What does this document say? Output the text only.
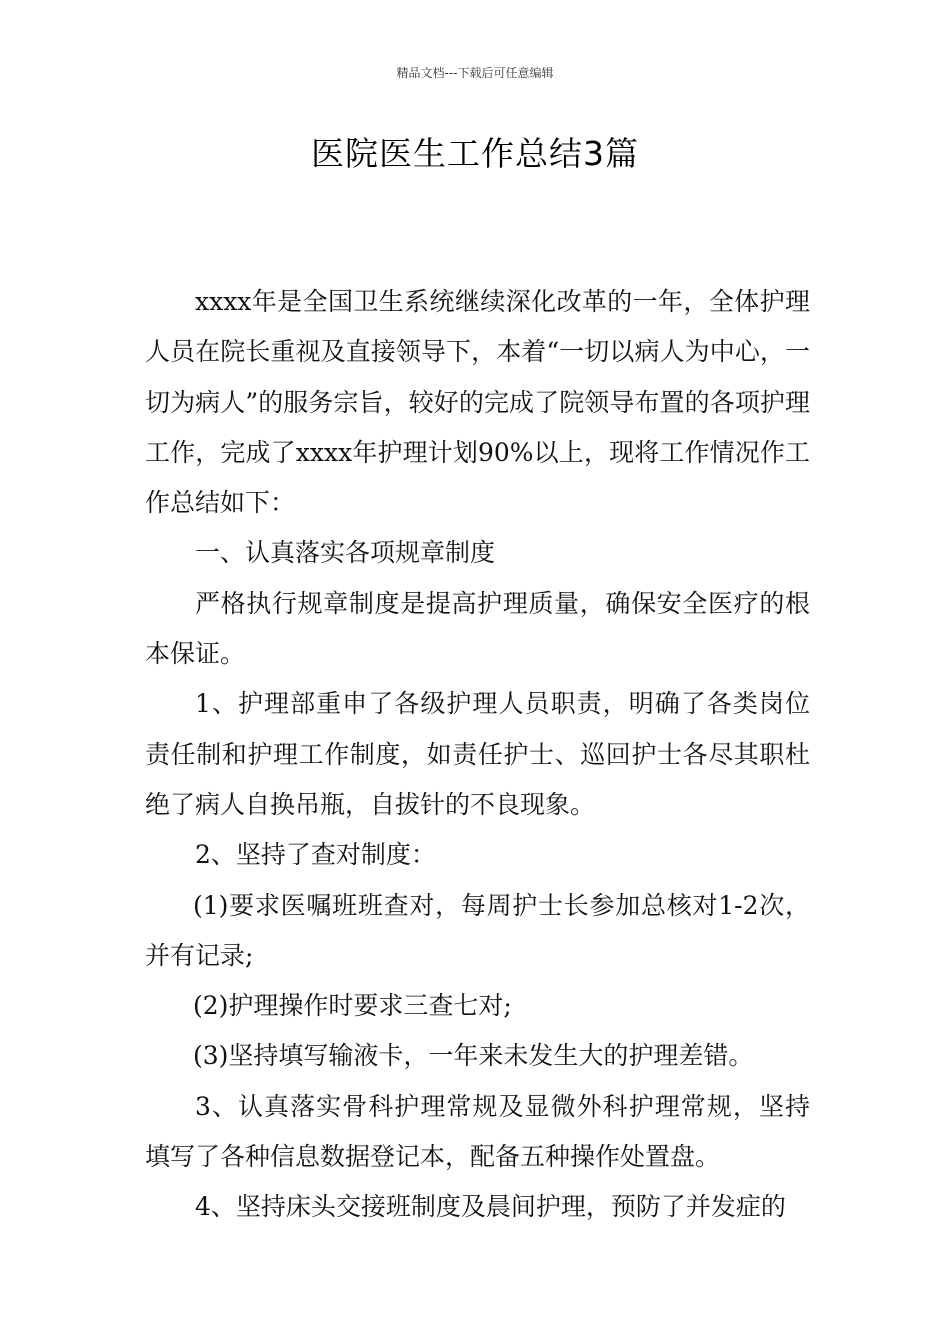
精品文档---下载后可任意编辑
医院医生工作总结3篇

xxxx年是全国卫生系统继续深化改革的一年，全体护理人员在院长重视及直接领导下，本着“一切以病人为中心，一切为病人”的服务宗旨，较好的完成了院领导布置的各项护理工作，完成了xxxx年护理计划90%以上，现将工作情况作工作总结如下：

一、认真落实各项规章制度

严格执行规章制度是提高护理质量，确保安全医疗的根本保证。

1、护理部重申了各级护理人员职责，明确了各类岗位责任制和护理工作制度，如责任护士、巡回护士各尽其职杜绝了病人自换吊瓶，自拔针的不良现象。

2、坚持了查对制度：

(1)要求医嘱班班查对，每周护士长参加总核对1-2次，并有记录;

(2)护理操作时要求三查七对;

(3)坚持填写输液卡，一年来未发生大的护理差错。

3、认真落实骨科护理常规及显微外科护理常规，坚持填写了各种信息数据登记本，配备五种操作处置盘。

4、坚持床头交接班制度及晨间护理，预防了并发症的
